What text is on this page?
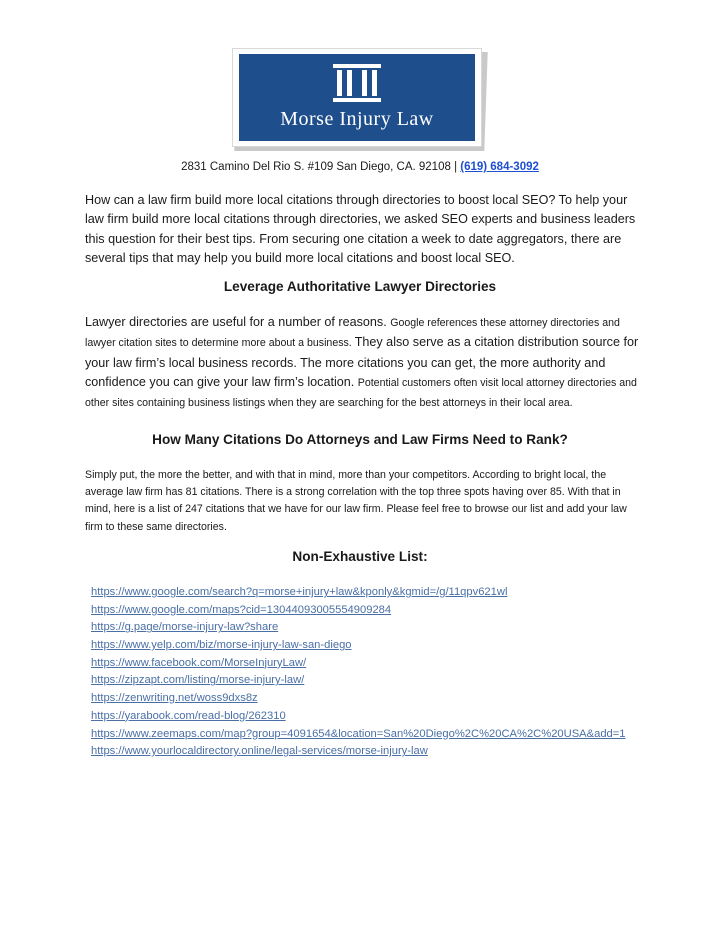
Morse Injury Law
2831 Camino Del Rio S. #109 San Diego, CA. 92108 | (619) 684-3092

How can a law firm build more local citations through directories to boost local SEO? To help your law firm build more local citations through directories, we asked SEO experts and business leaders this question for their best tips. From securing one citation a week to date aggregators, there are several tips that may help you build more local citations and boost local SEO.

Leverage Authoritative Lawyer Directories

Lawyer directories are useful for a number of reasons. Google references these attorney directories and lawyer citation sites to determine more about a business. They also serve as a citation distribution source for your law firm’s local business records. The more citations you can get, the more authority and confidence you can give your law firm’s location. Potential customers often visit local attorney directories and other sites containing business listings when they are searching for the best attorneys in their local area.

How Many Citations Do Attorneys and Law Firms Need to Rank?

Simply put, the more the better, and with that in mind, more than your competitors. According to bright local, the average law firm has 81 citations. There is a strong correlation with the top three spots having over 85. With that in mind, here is a list of 247 citations that we have for our law firm. Please feel free to browse our list and add your law firm to these same directories.

Non-Exhaustive List:
https://www.google.com/search?q=morse+injury+law&kponly&kgmid=/g/11qpv621wl
https://www.google.com/maps?cid=13044093005554909284
https://g.page/morse-injury-law?share
https://www.yelp.com/biz/morse-injury-law-san-diego
https://www.facebook.com/MorseInjuryLaw/
https://zipzapt.com/listing/morse-injury-law/
https://zenwriting.net/woss9dxs8z
https://yarabook.com/read-blog/262310
https://www.zeemaps.com/map?group=4091654&location=San%20Diego%2C%20CA%2C%20USA&add=1
https://www.yourlocaldirectory.online/legal-services/morse-injury-law
